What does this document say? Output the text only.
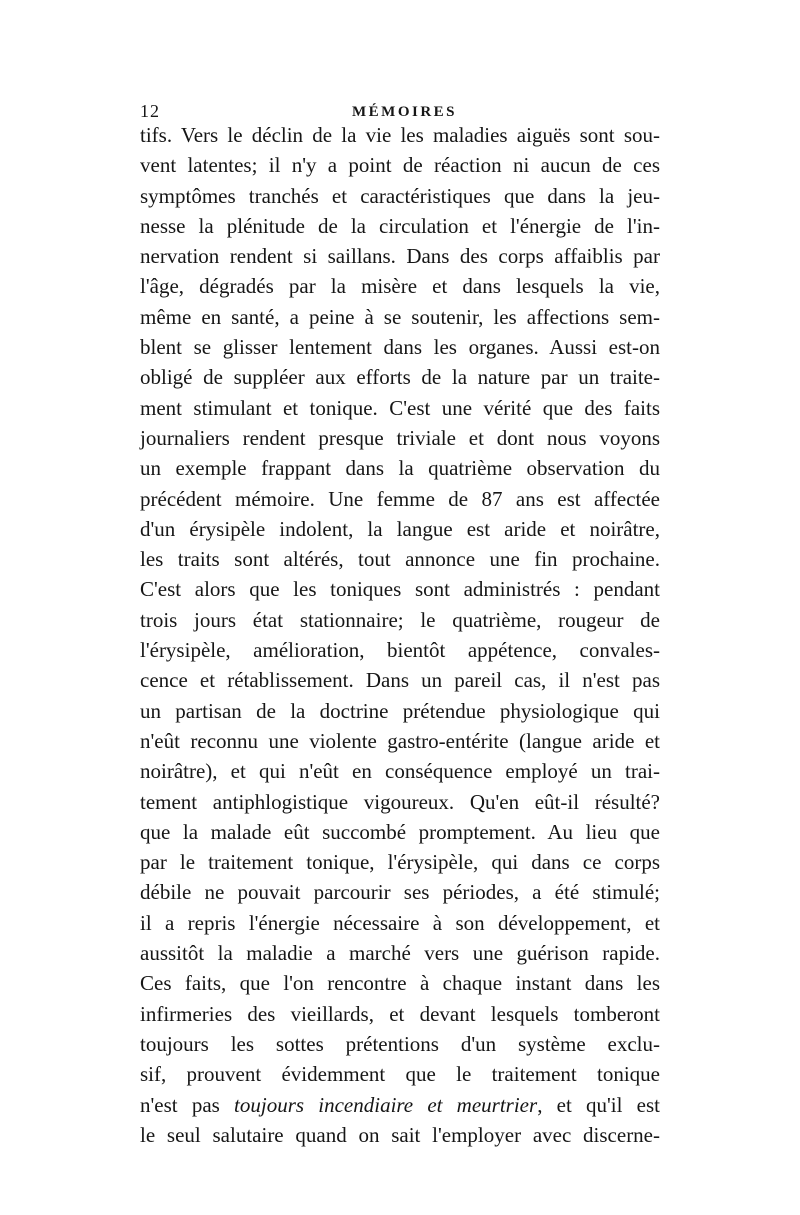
12	MÉMOIRES
tifs. Vers le déclin de la vie les maladies aiguës sont sou-
vent latentes; il n'y a point de réaction ni aucun de ces
symptômes tranchés et caractéristiques que dans la jeu-
nesse la plénitude de la circulation et l'énergie de l'in-
nervation rendent si saillans. Dans des corps affaiblis par
l'âge, dégradés par la misère et dans lesquels la vie,
même en santé, a peine à se soutenir, les affections sem-
blent se glisser lentement dans les organes. Aussi est-on
obligé de suppléer aux efforts de la nature par un traite-
ment stimulant et tonique. C'est une vérité que des faits
journaliers rendent presque triviale et dont nous voyons
un exemple frappant dans la quatrième observation du
précédent mémoire. Une femme de 87 ans est affectée
d'un érysipèle indolent, la langue est aride et noirâtre,
les traits sont altérés, tout annonce une fin prochaine.
C'est alors que les toniques sont administrés : pendant
trois jours état stationnaire; le quatrième, rougeur de
l'érysipèle, amélioration, bientôt appétence, convales-
cence et rétablissement. Dans un pareil cas, il n'est pas
un partisan de la doctrine prétendue physiologique qui
n'eût reconnu une violente gastro-entérite (langue aride et
noirâtre), et qui n'eût en conséquence employé un trai-
tement antiphlogistique vigoureux. Qu'en eût-il résulté?
que la malade eût succombé promptement. Au lieu que
par le traitement tonique, l'érysipèle, qui dans ce corps
débile ne pouvait parcourir ses périodes, a été stimulé;
il a repris l'énergie nécessaire à son développement, et
aussitôt la maladie a marché vers une guérison rapide.
Ces faits, que l'on rencontre à chaque instant dans les
infirmeries des vieillards, et devant lesquels tomberont
toujours les sottes prétentions d'un système exclu-
sif, prouvent évidemment que le traitement tonique
n'est pas toujours incendiaire et meurtrier, et qu'il est
le seul salutaire quand on sait l'employer avec discerne-
